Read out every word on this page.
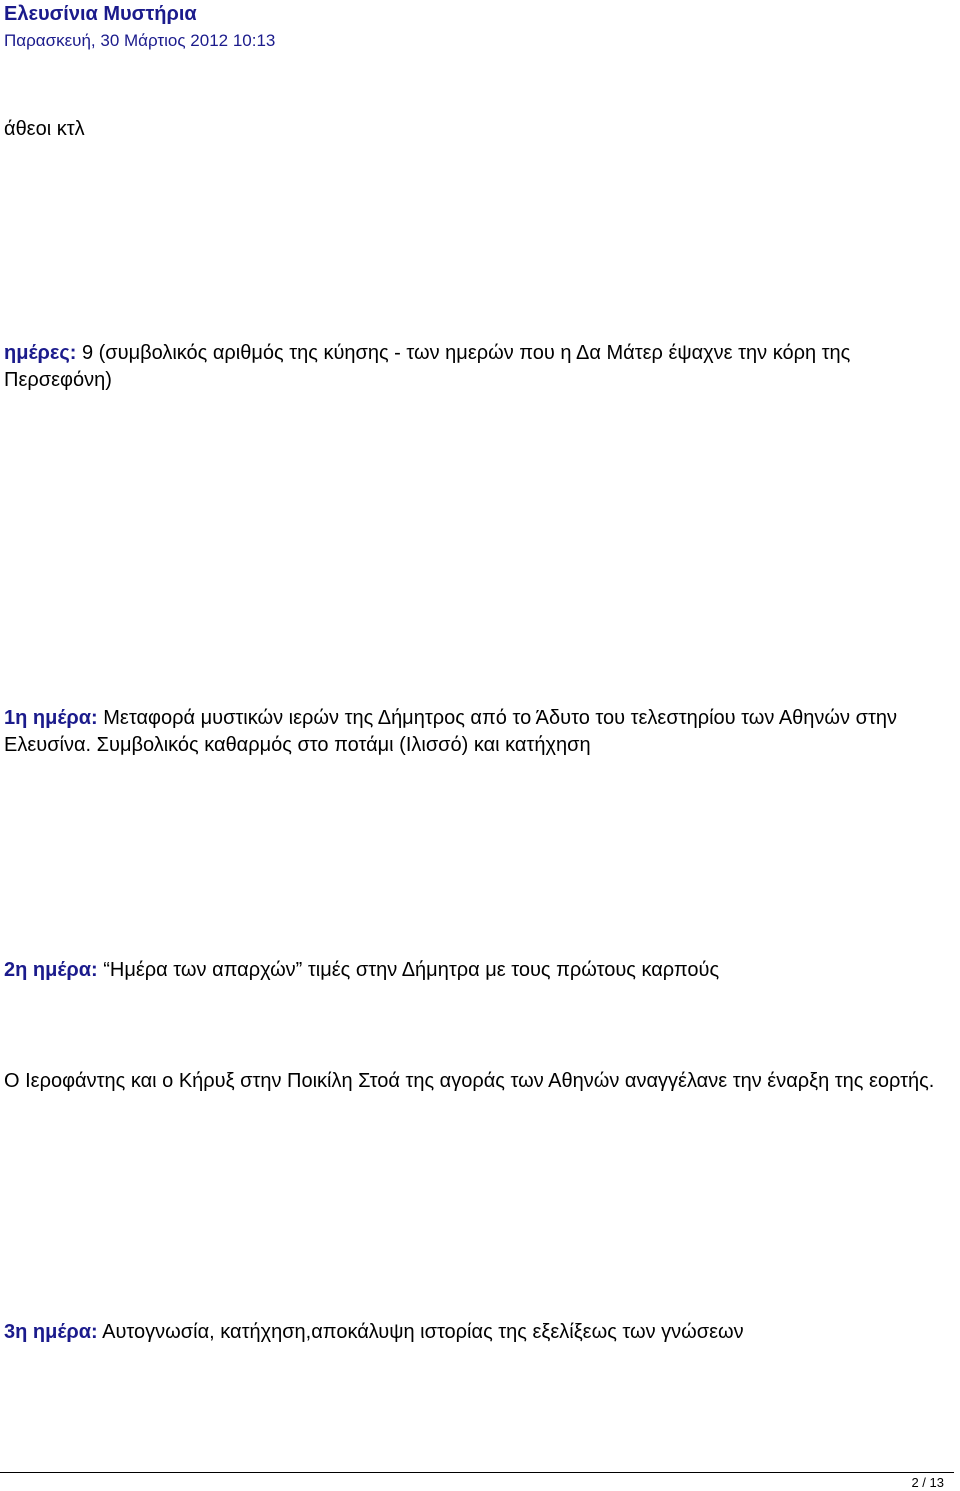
Ελευσίνια Μυστήρια
Παρασκευή, 30 Μάρτιος 2012 10:13

άθεοι κτλ

ημέρες: 9 (συμβολικός αριθμός της κύησης - των ημερών που η Δα Μάτερ έψαχνε την κόρη της Περσεφόνη)

1η ημέρα: Μεταφορά μυστικών ιερών της Δήμητρος από το Άδυτο του τελεστηρίου των Αθηνών στην Ελευσίνα. Συμβολικός καθαρμός στο ποτάμι (Ιλισσό) και κατήχηση

2η ημέρα: “Ημέρα των απαρχών” τιμές στην Δήμητρα με τους πρώτους καρπούς

Ο Ιεροφάντης και ο Κήρυξ στην Ποικίλη Στοά της αγοράς των Αθηνών αναγγέλανε την έναρξη της εορτής.

3η ημέρα: Αυτογνωσία, κατήχηση,αποκάλυψη ιστορίας της εξελίξεως των γνώσεων

2 / 13
